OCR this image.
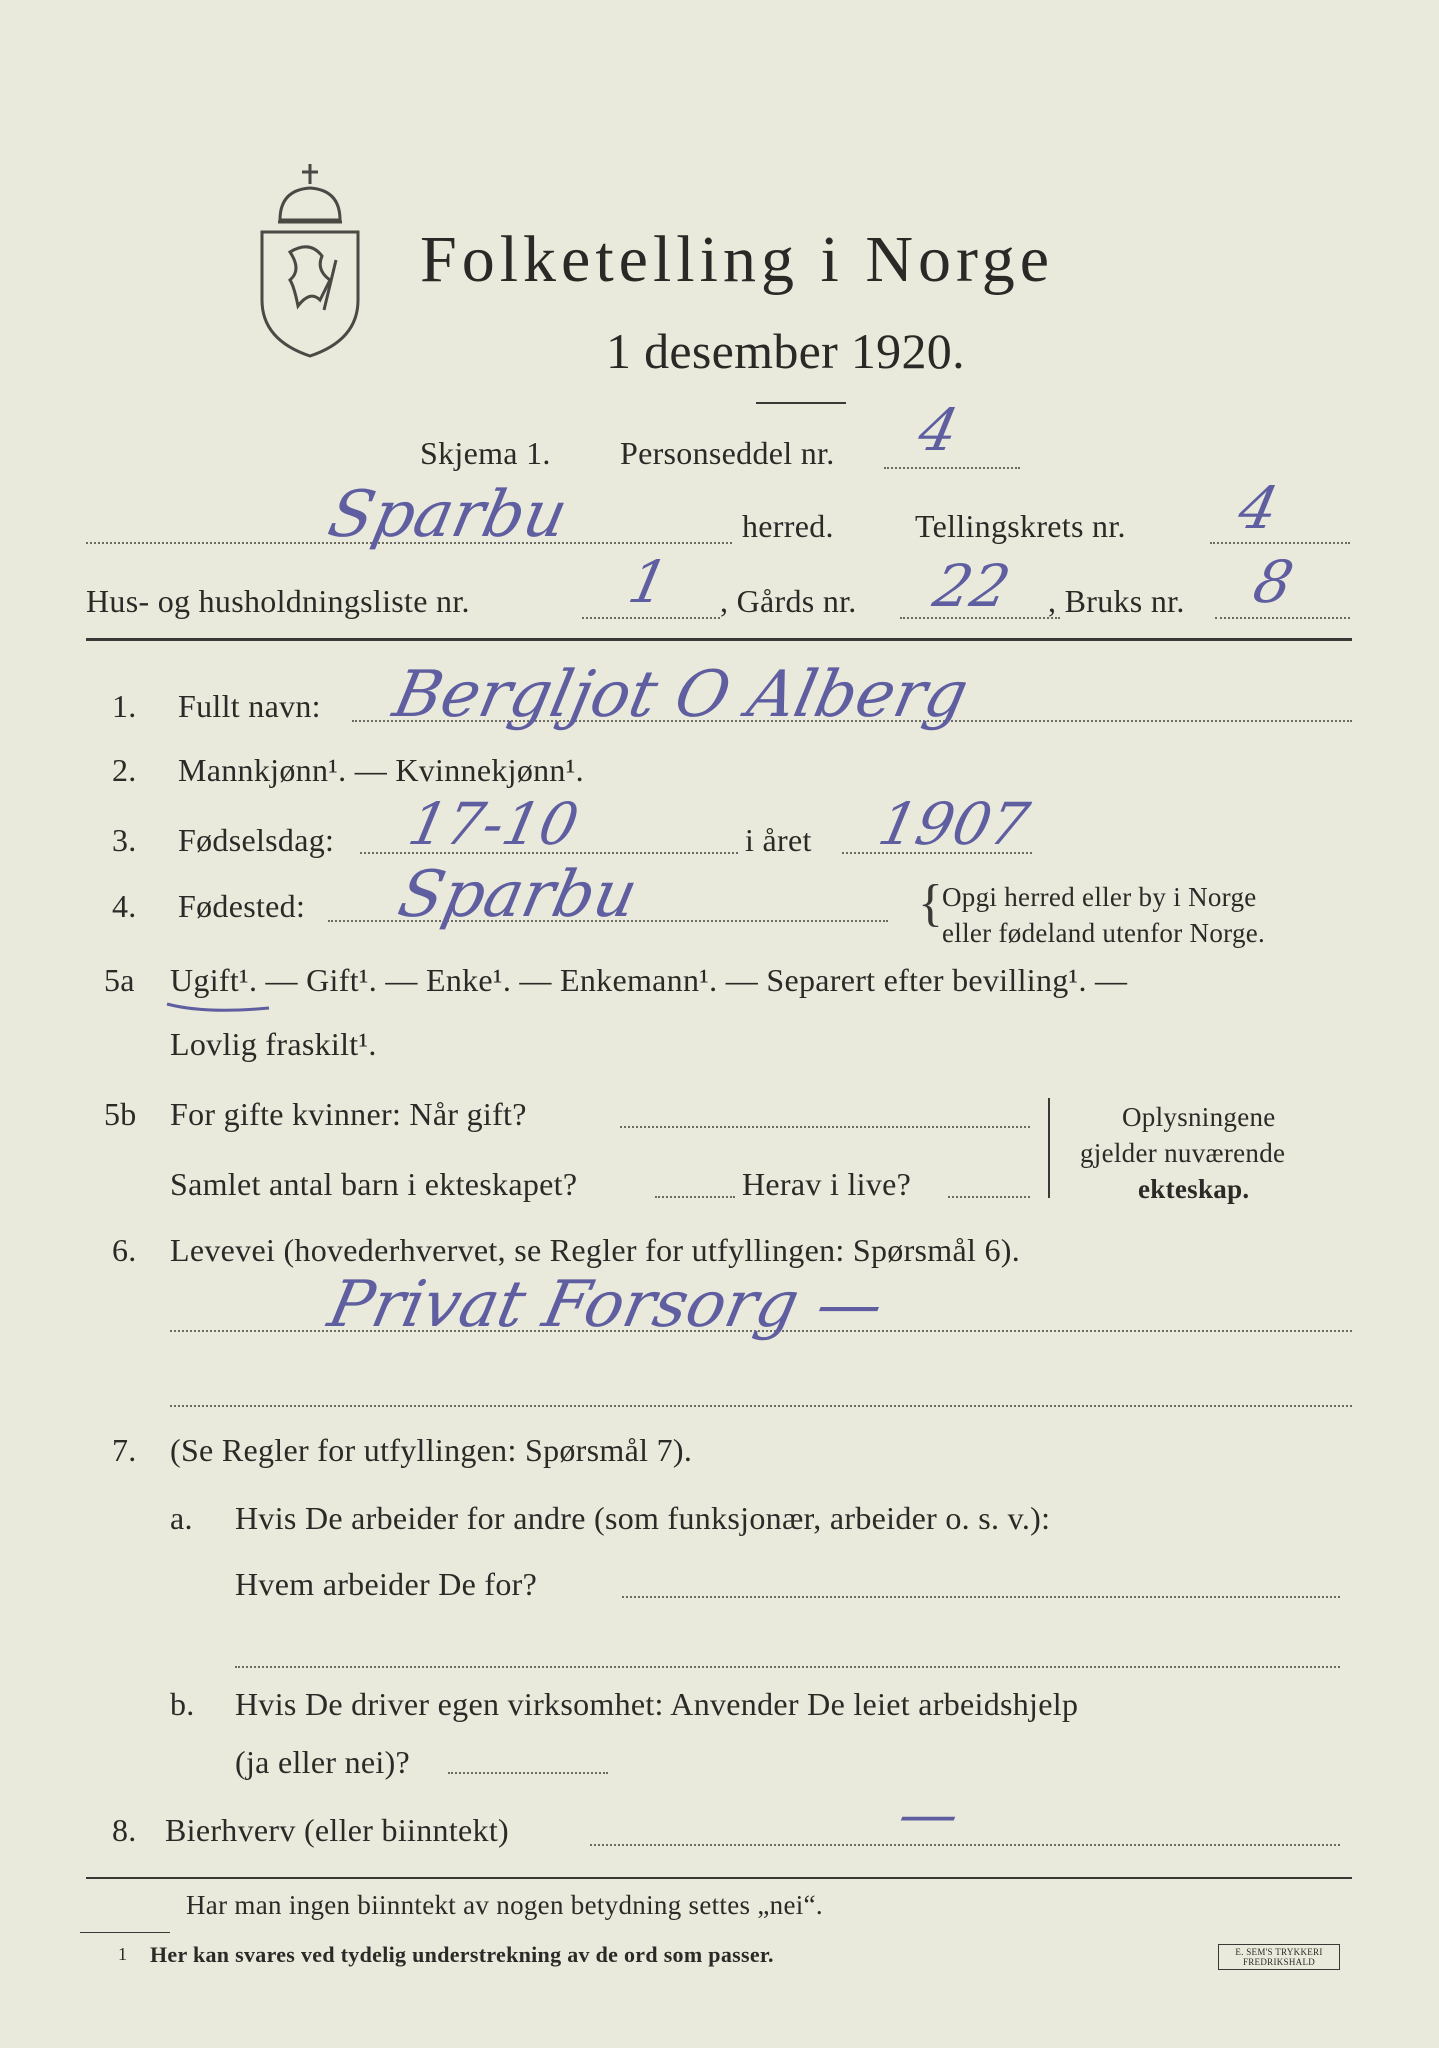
Folketelling i Norge
1 desember 1920.
Skjema 1. Personseddel nr. 4
Sparbu	herred.	Tellingskrets nr. 4
Hus- og husholdningsliste nr.	1 , Gårds nr. 22 , Bruks nr. 8
1. Fullt navn: Bergljot O Alberg
2. Mannkjønn¹. — Kvinnekjønn¹.
3. Fødselsdag: 17-10	i året 1907
4. Fødested: Sparbu	{ Opgi herred eller by i Norge
eller fødeland utenfor Norge.
5a Ugift¹. — Gift¹. — Enke¹. — Enkemann¹. — Separert efter bevilling¹. —
Lovlig fraskilt¹.
5b For gifte kvinner: Når gift?
Samlet antal barn i ekteskapet?	Herav i live?
Oplysningene
gjelder nuværende
ekteskap.
6. Levevei (hovederhvervet, se Regler for utfyllingen: Spørsmål 6).
Privat Forsorg —
7. (Se Regler for utfyllingen: Spørsmål 7).
a. Hvis De arbeider for andre (som funksjonær, arbeider o. s. v.):
Hvem arbeider De for?
b. Hvis De driver egen virksomhet: Anvender De leiet arbeidshjelp
(ja eller nei)?
8. Bierhverv (eller biinntekt)	—
Har man ingen biinntekt av nogen betydning settes „nei“.
1 Her kan svares ved tydelig understrekning av de ord som passer.	E. SEM'S TRYKKERI FREDRIKSHALD
